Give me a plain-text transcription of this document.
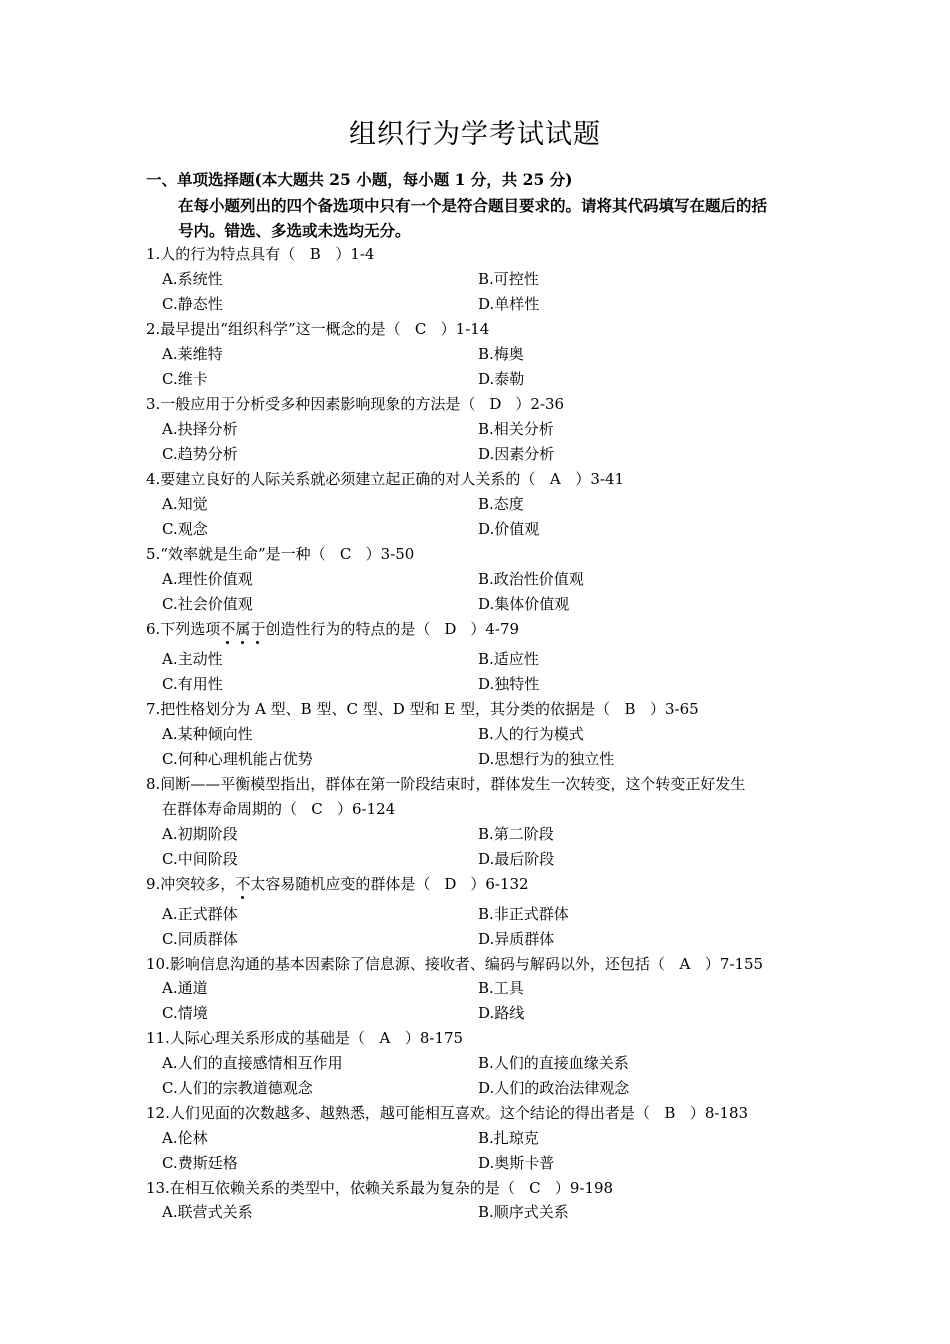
组织行为学考试试题
一、单项选择题(本大题共 25 小题，每小题 1 分，共 25 分)
在每小题列出的四个备选项中只有一个是符合题目要求的。请将其代码填写在题后的括
号内。错选、多选或未选均无分。
1.人的行为特点具有（ B ）1-4
A.系统性	B.可控性
C.静态性	D.单样性
2.最早提出“组织科学”这一概念的是（ C ）1-14
A.莱维特	B.梅奥
C.维卡	D.泰勒
3.一般应用于分析受多种因素影响现象的方法是（ D ）2-36
A.抉择分析	B.相关分析
C.趋势分析	D.因素分析
4.要建立良好的人际关系就必须建立起正确的对人关系的（ A ）3-41
A.知觉	B.态度
C.观念	D.价值观
5.“效率就是生命”是一种（ C ）3-50
A.理性价值观	B.政治性价值观
C.社会价值观	D.集体价值观
6.下列选项不属于创造性行为的特点的是（ D ）4-79
A.主动性	B.适应性
C.有用性	D.独特性
7.把性格划分为 A 型、B 型、C 型、D 型和 E 型，其分类的依据是（ B ）3-65
A.某种倾向性	B.人的行为模式
C.何种心理机能占优势	D.思想行为的独立性
8.间断——平衡模型指出，群体在第一阶段结束时，群体发生一次转变，这个转变正好发生
在群体寿命周期的（ C ）6-124
A.初期阶段	B.第二阶段
C.中间阶段	D.最后阶段
9.冲突较多，不太容易随机应变的群体是（ D ）6-132
A.正式群体	B.非正式群体
C.同质群体	D.异质群体
10.影响信息沟通的基本因素除了信息源、接收者、编码与解码以外，还包括（ A ）7-155
A.通道	B.工具
C.情境	D.路线
11.人际心理关系形成的基础是（ A ）8-175
A.人们的直接感情相互作用	B.人们的直接血缘关系
C.人们的宗教道德观念	D.人们的政治法律观念
12.人们见面的次数越多、越熟悉，越可能相互喜欢。这个结论的得出者是（ B ）8-183
A.伦林	B.扎琼克
C.费斯廷格	D.奥斯卡普
13.在相互依赖关系的类型中，依赖关系最为复杂的是（ C ）9-198
A.联营式关系	B.顺序式关系
